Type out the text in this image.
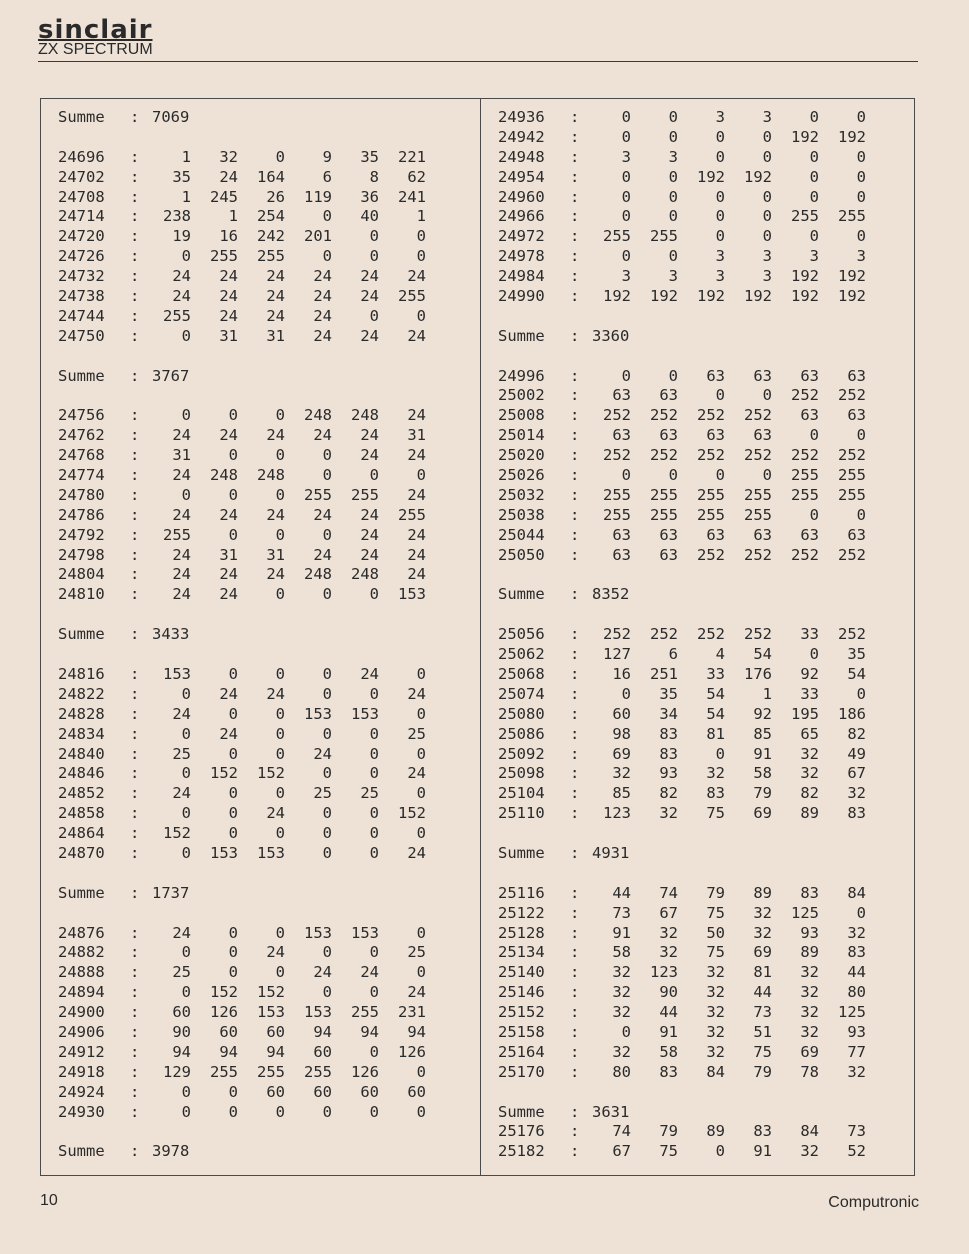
sinclair
ZX SPECTRUM
Summe : 7069
24696 :	1 32 0 9 35 221
24702 : 35 24 164 6 8 62
24708 :	1 245 26 119 36 241
24714 : 238 1 254 0 40 1
24720 : 19 16 242 201 0 0
24726 :	0 255 255 0 0 0
24732 : 24 24 24 24 24 24
24738 : 24 24 24 24 24 255
24744 : 255 24 24 24 0 0
24750 :	0 31 31 24 24 24
Summe : 3767
24756 :	0 0 0 248 248 24
24762 : 24 24 24 24 24 31
24768 : 31 0 0 0 24 24
24774 : 24 248 248 0 0 0
24780 :	0 0 0 255 255 24
24786 : 24 24 24 24 24 255
24792 : 255 0 0 0 24 24
24798 : 24 31 31 24 24 24
24804 : 24 24 24 248 248 24
24810 : 24 24 0 0 0 153
Summe : 3433
24816 : 153 0 0 0 24 0
24822 :	0 24 24 0 0 24
24828 : 24 0 0 153 153 0
24834 :	0 24 0 0 0 25
24840 : 25 0 0 24 0 0
24846 :	0 152 152 0 0 24
24852 : 24 0 0 25 25 0
24858 :	0 0 24 0 0 152
24864 : 152 0 0 0 0 0
24870 :	0 153 153 0 0 24
Summe : 1737
24876 : 24 0 0 153 153 0
24882 :	0 0 24 0 0 25
24888 : 25 0 0 24 24 0
24894 :	0 152 152 0 0 24
24900 : 60 126 153 153 255 231
24906 : 90 60 60 94 94 94
24912 : 94 94 94 60 0 126
24918 : 129 255 255 255 126 0
24924 :	0 0 60 60 60 60
24930 :	0 0 0 0 0 0
Summe : 3978
24936 :	0 0 3 3 0 0
24942 :	0 0 0 0 192 192
24948 :	3 3 0 0 0 0
24954 :	0 0 192 192 0 0
24960 :	0 0 0 0 0 0
24966 :	0 0 0 0 255 255
24972 : 255 255 0 0 0 0
24978 :	0 0 3 3 3 3
24984 :	3 3 3 3 192 192
24990 : 192 192 192 192 192 192
Summe : 3360
24996 :	0 0 63 63 63 63
25002 : 63 63 0 0 252 252
25008 : 252 252 252 252 63 63
25014 : 63 63 63 63 0 0
25020 : 252 252 252 252 252 252
25026 :	0 0 0 0 255 255
25032 : 255 255 255 255 255 255
25038 : 255 255 255 255 0 0
25044 : 63 63 63 63 63 63
25050 : 63 63 252 252 252 252
Summe : 8352
25056 : 252 252 252 252 33 252
25062 : 127 6 4 54 0 35
25068 : 16 251 33 176 92 54
25074 :	0 35 54 1 33 0
25080 : 60 34 54 92 195 186
25086 : 98 83 81 85 65 82
25092 : 69 83 0 91 32 49
25098 : 32 93 32 58 32 67
25104 : 85 82 83 79 82 32
25110 : 123 32 75 69 89 83
Summe : 4931
25116 : 44 74 79 89 83 84
25122 : 73 67 75 32 125 0
25128 : 91 32 50 32 93 32
25134 : 58 32 75 69 89 83
25140 : 32 123 32 81 32 44
25146 : 32 90 32 44 32 80
25152 : 32 44 32 73 32 125
25158 :	0 91 32 51 32 93
25164 : 32 58 32 75 69 77
25170 : 80 83 84 79 78 32
Summe : 3631
25176 : 74 79 89 83 84 73
25182 : 67 75 0 91 32 52
10	Computronic
